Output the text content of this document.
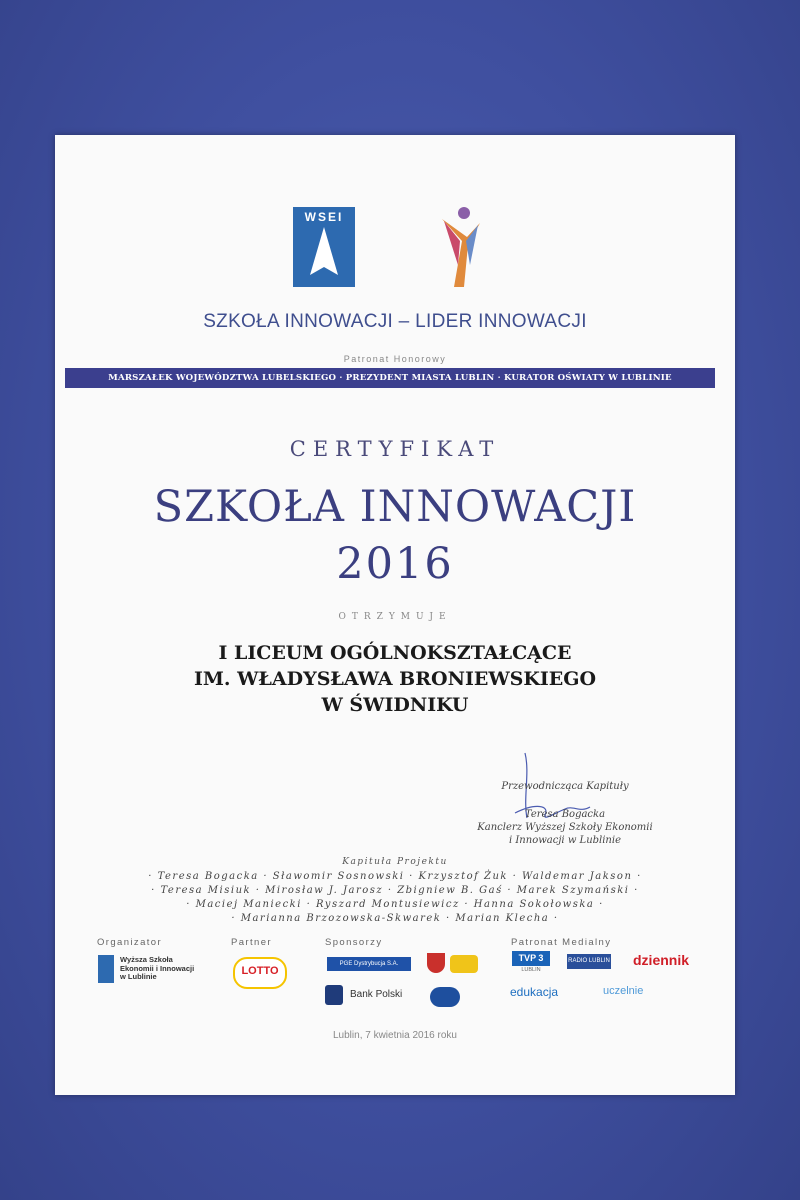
WSEI
SZKOŁA INNOWACJI – LIDER INNOWACJI
Patronat Honorowy
MARSZAŁEK WOJEWÓDZTWA LUBELSKIEGO · PREZYDENT MIASTA LUBLIN · KURATOR OŚWIATY W LUBLINIE
CERTYFIKAT
SZKOŁA INNOWACJI
2016
OTRZYMUJE
I LICEUM OGÓLNOKSZTAŁCĄCE
IM. WŁADYSŁAWA BRONIEWSKIEGO
W ŚWIDNIKU
Przewodnicząca Kapituły
Teresa Bogacka
Kanclerz Wyższej Szkoły Ekonomii
i Innowacji w Lublinie
Kapituła Projektu
· Teresa Bogacka · Sławomir Sosnowski · Krzysztof Żuk · Waldemar Jakson ·
· Teresa Misiuk · Mirosław J. Jarosz · Zbigniew B. Gaś · Marek Szymański ·
· Maciej Maniecki · Ryszard Montusiewicz · Hanna Sokołowska ·
· Marianna Brzozowska-Skwarek · Marian Klecha ·
Organizator	Partner	Sponsorzy	Patronat Medialny
Wyższa Szkoła
Ekonomii i Innowacji
w Lublinie	LOTTO
PGE Dystrybucja S.A.
Bank Polski
TVP 3
LUBLIN
RADIO LUBLIN dziennik
edukacja	uczelnie
Lublin, 7 kwietnia 2016 roku
